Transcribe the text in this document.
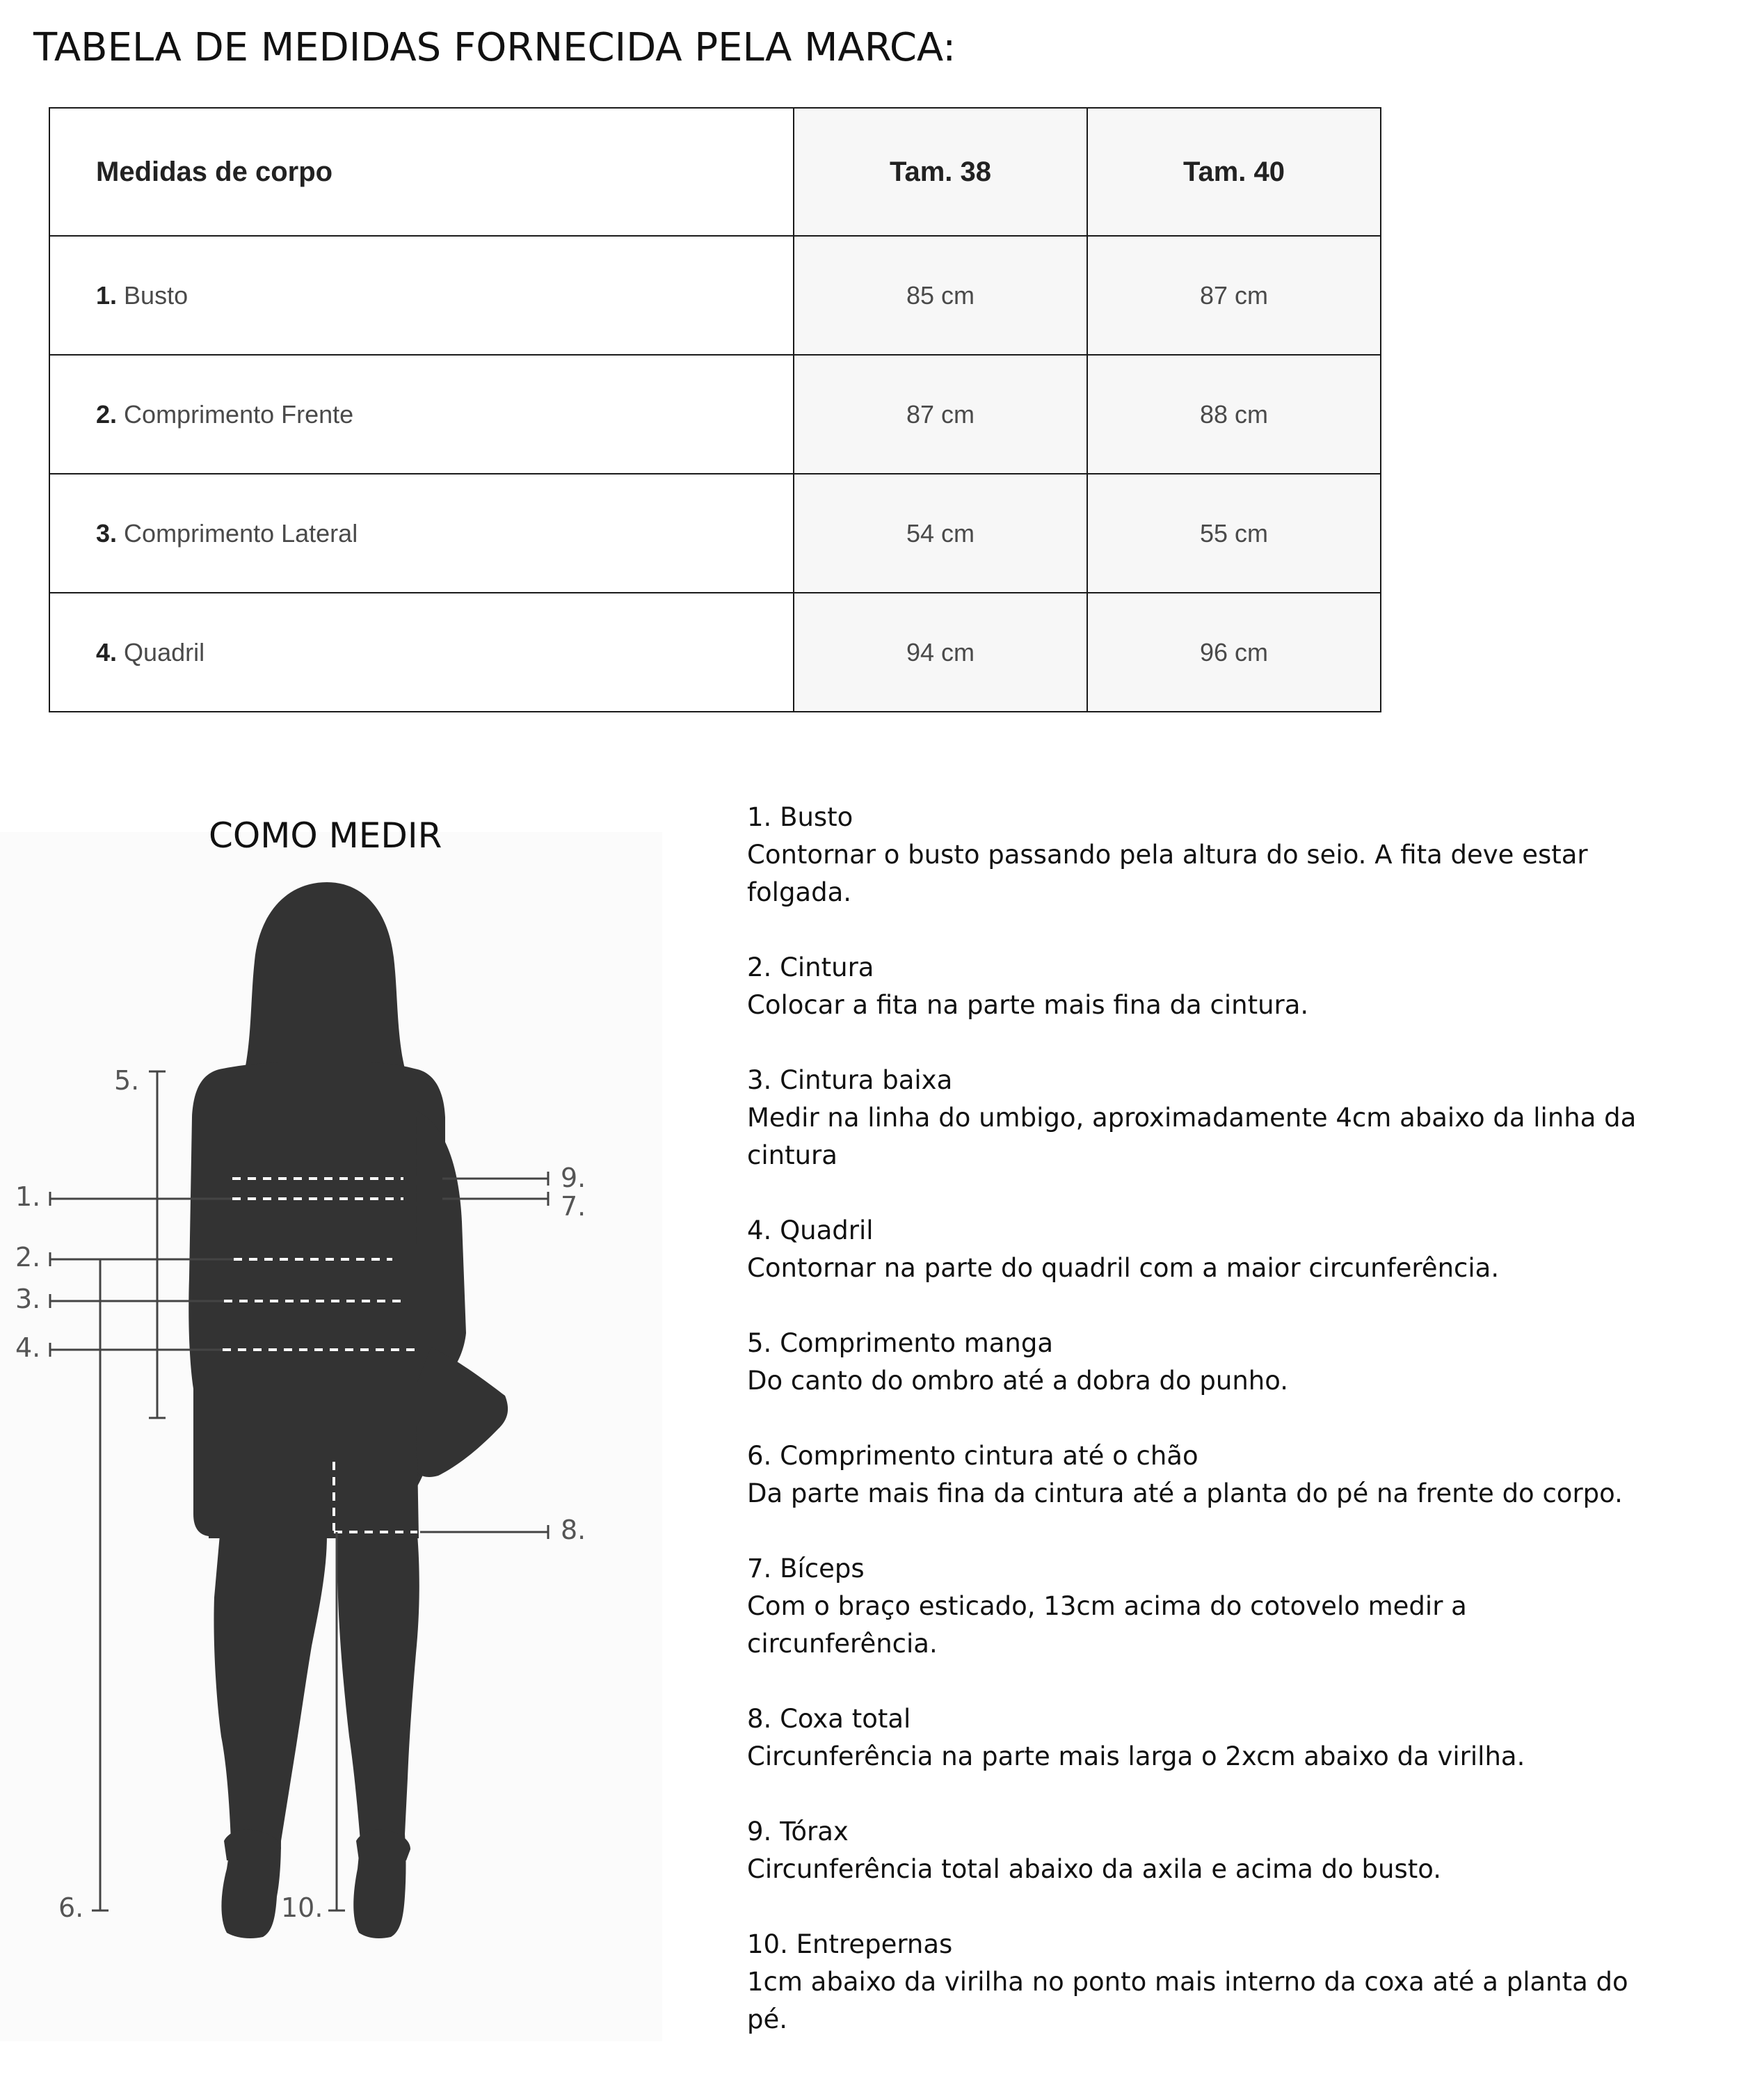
TABELA DE MEDIDAS FORNECIDA PELA MARCA:
Medidas de corpo	Tam. 38	Tam. 40
1. Busto	85 cm	87 cm
2. Comprimento Frente	87 cm	88 cm
3. Comprimento Lateral	54 cm	55 cm
4. Quadril	94 cm	96 cm
COMO MEDIR
1.
2.
3.
4.
5.
6.
7.
8.
9.
10.
1. Busto
Contornar o busto passando pela altura do seio. A fita deve estar folgada.
2. Cintura
Colocar a fita na parte mais fina da cintura.
3. Cintura baixa
Medir na linha do umbigo, aproximadamente 4cm abaixo da linha da cintura
4. Quadril
Contornar na parte do quadril com a maior circunferência.
5. Comprimento manga
Do canto do ombro até a dobra do punho.
6. Comprimento cintura até o chão
Da parte mais fina da cintura até a planta do pé na frente do corpo.
7. Bíceps
Com o braço esticado, 13cm acima do cotovelo medir a circunferência.
8. Coxa total
Circunferência na parte mais larga o 2xcm abaixo da virilha.
9. Tórax
Circunferência total abaixo da axila e acima do busto.
10. Entrepernas
1cm abaixo da virilha no ponto mais interno da coxa até a planta do pé.
